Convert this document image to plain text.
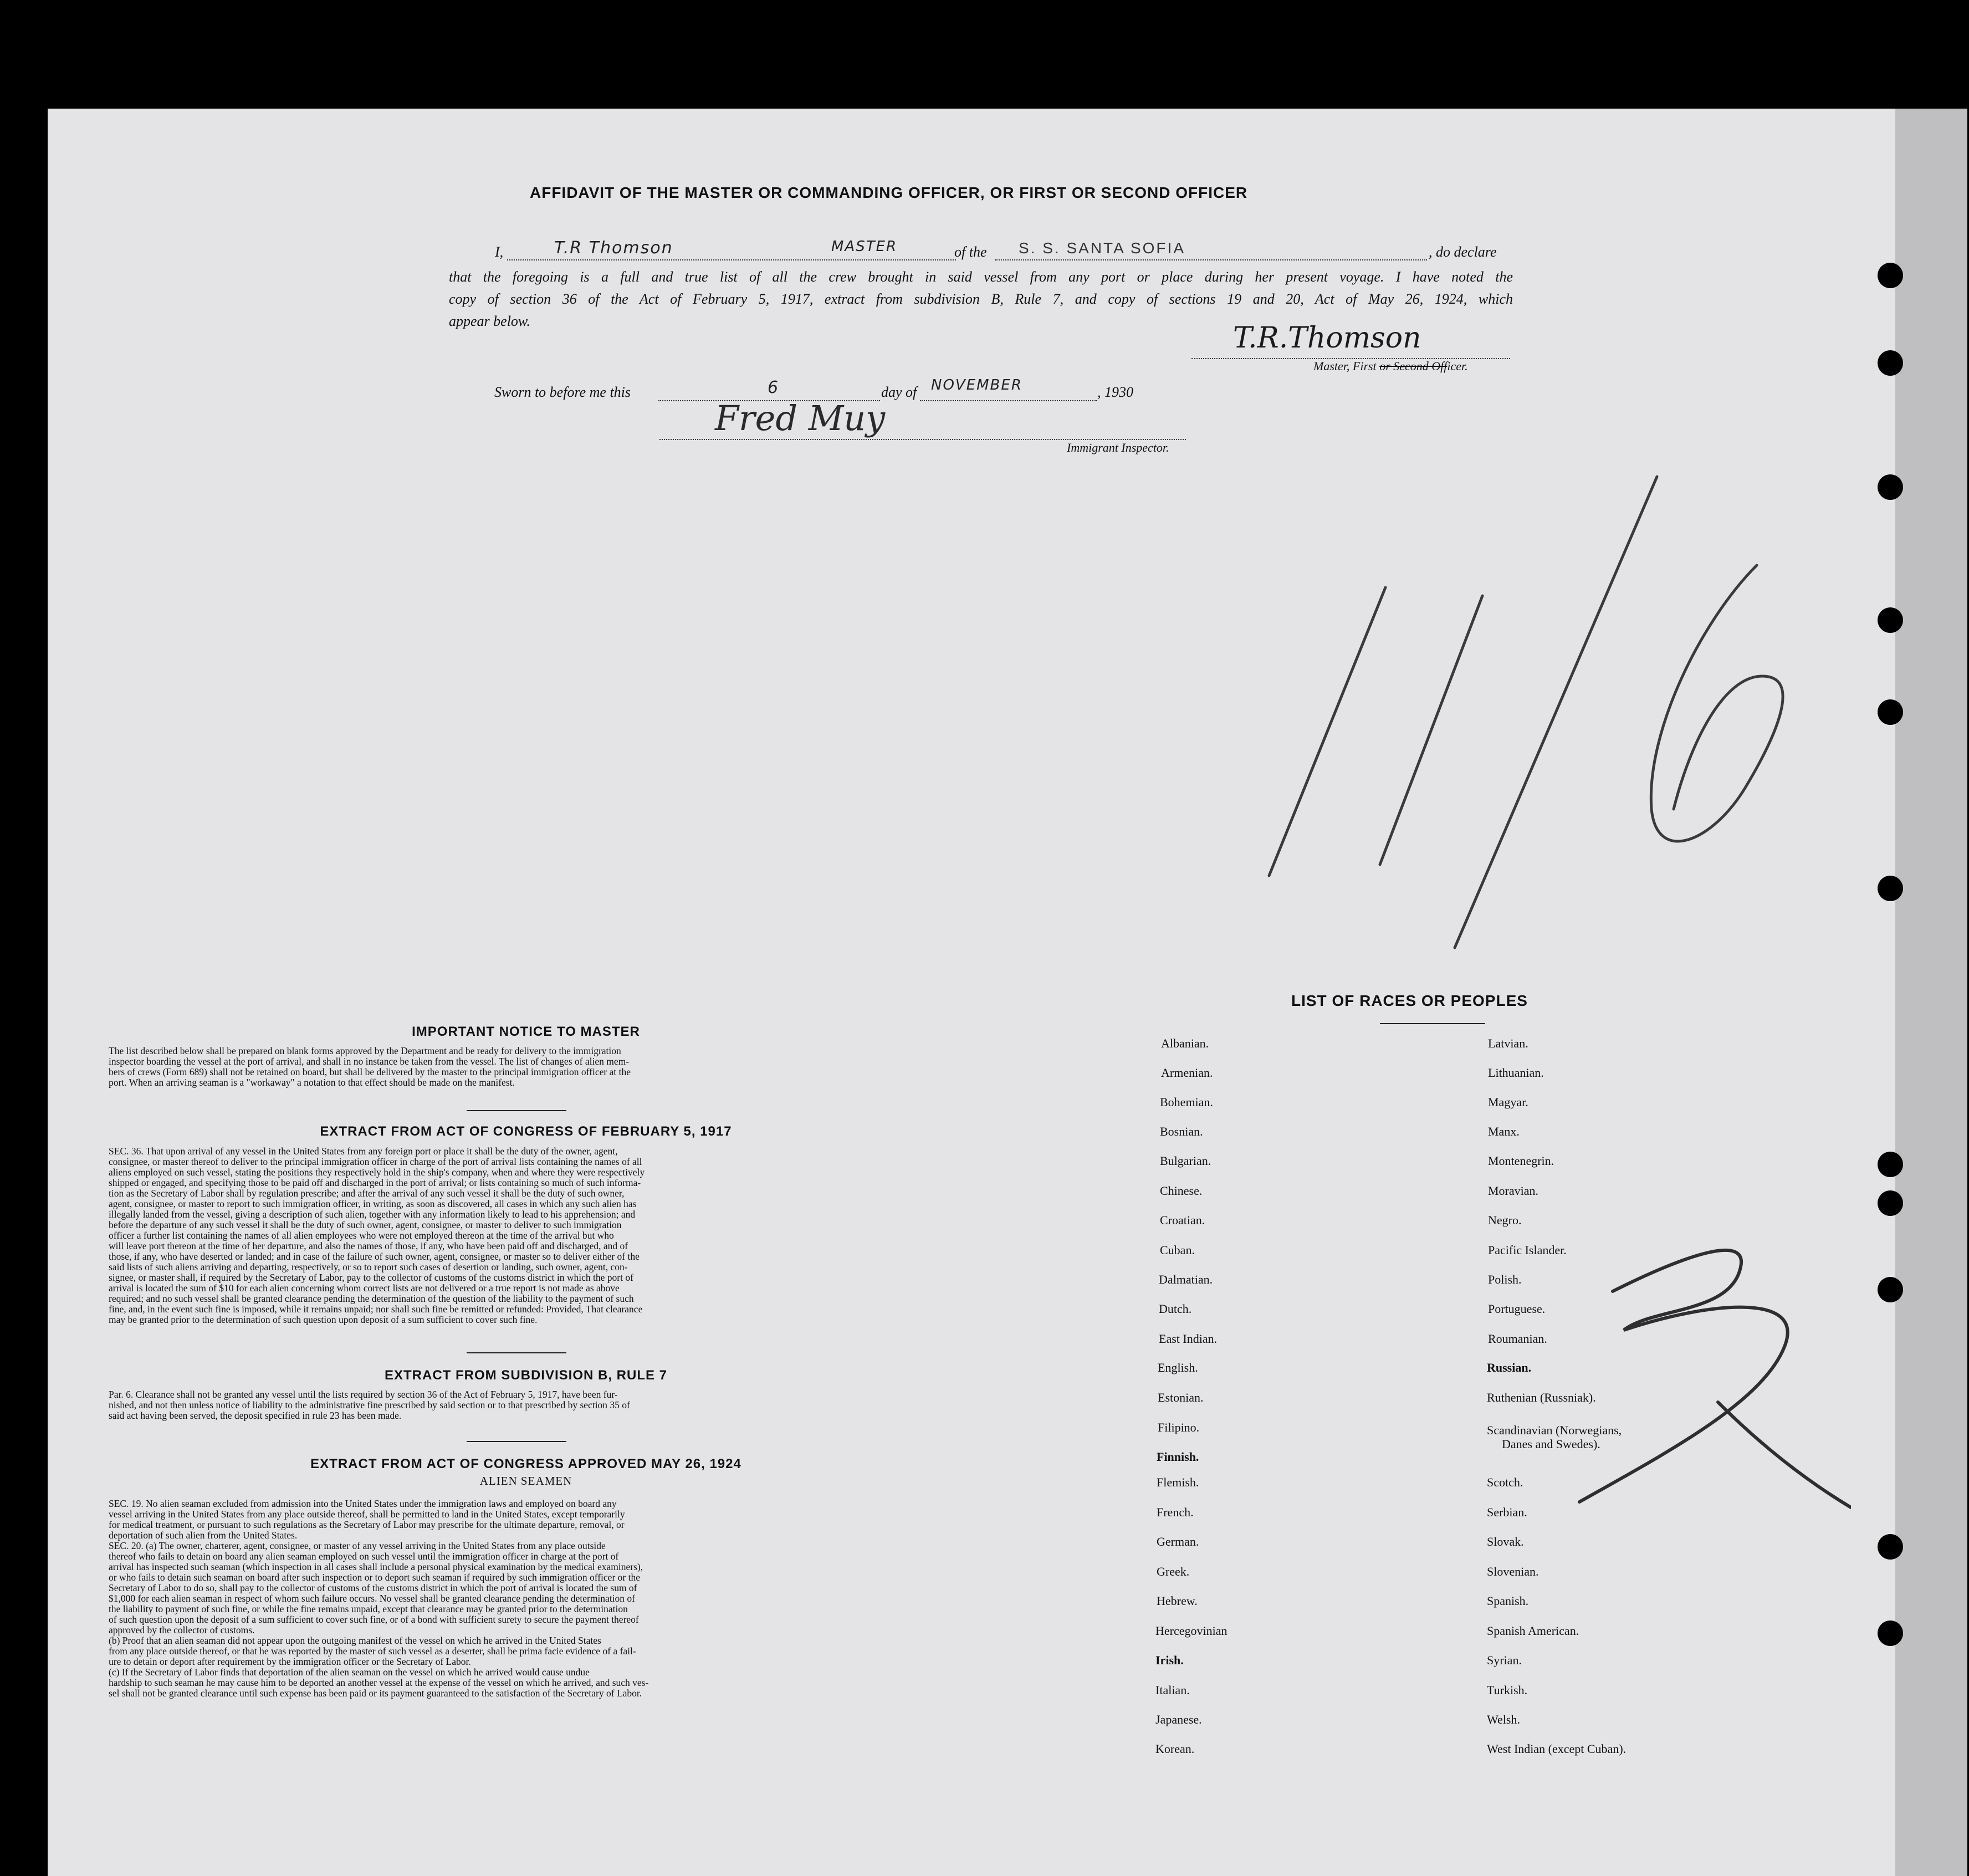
AFFIDAVIT OF THE MASTER OR COMMANDING OFFICER, OR FIRST OR SECOND OFFICER
I,	T.R Thomson	MASTER	of the S. S. SANTA SOFIA	, do declare
that the foregoing is a full and true list of all the crew brought in said vessel from any port or place during her present voyage. I have noted the
copy of section 36 of the Act of February 5, 1917, extract from subdivision B, Rule 7, and copy of sections 19 and 20, Act of May 26, 1924, which
appear below.
T.R.Thomson
Master, First or Second Officer.
Sworn to before me this	6	day of NOVEMBER	, 1930
Fred Muy
Immigrant Inspector.
IMPORTANT NOTICE TO MASTER
The list described below shall be prepared on blank forms approved by the Department and be ready for delivery to the immigration
inspector boarding the vessel at the port of arrival, and shall in no instance be taken from the vessel. The list of changes of alien mem-
bers of crews (Form 689) shall not be retained on board, but shall be delivered by the master to the principal immigration officer at the
port. When an arriving seaman is a "workaway" a notation to that effect should be made on the manifest.
EXTRACT FROM ACT OF CONGRESS OF FEBRUARY 5, 1917
SEC. 36. That upon arrival of any vessel in the United States from any foreign port or place it shall be the duty of the owner, agent,
consignee, or master thereof to deliver to the principal immigration officer in charge of the port of arrival lists containing the names of all
aliens employed on such vessel, stating the positions they respectively hold in the ship's company, when and where they were respectively
shipped or engaged, and specifying those to be paid off and discharged in the port of arrival; or lists containing so much of such informa-
tion as the Secretary of Labor shall by regulation prescribe; and after the arrival of any such vessel it shall be the duty of such owner,
agent, consignee, or master to report to such immigration officer, in writing, as soon as discovered, all cases in which any such alien has
illegally landed from the vessel, giving a description of such alien, together with any information likely to lead to his apprehension; and
before the departure of any such vessel it shall be the duty of such owner, agent, consignee, or master to deliver to such immigration
officer a further list containing the names of all alien employees who were not employed thereon at the time of the arrival but who
will leave port thereon at the time of her departure, and also the names of those, if any, who have been paid off and discharged, and of
those, if any, who have deserted or landed; and in case of the failure of such owner, agent, consignee, or master so to deliver either of the
said lists of such aliens arriving and departing, respectively, or so to report such cases of desertion or landing, such owner, agent, con-
signee, or master shall, if required by the Secretary of Labor, pay to the collector of customs of the customs district in which the port of
arrival is located the sum of $10 for each alien concerning whom correct lists are not delivered or a true report is not made as above
required; and no such vessel shall be granted clearance pending the determination of the question of the liability to the payment of such
fine, and, in the event such fine is imposed, while it remains unpaid; nor shall such fine be remitted or refunded: Provided, That clearance
may be granted prior to the determination of such question upon deposit of a sum sufficient to cover such fine.
EXTRACT FROM SUBDIVISION B, RULE 7
Par. 6. Clearance shall not be granted any vessel until the lists required by section 36 of the Act of February 5, 1917, have been fur-
nished, and not then unless notice of liability to the administrative fine prescribed by said section or to that prescribed by section 35 of
said act having been served, the deposit specified in rule 23 has been made.
EXTRACT FROM ACT OF CONGRESS APPROVED MAY 26, 1924
ALIEN SEAMEN
SEC. 19. No alien seaman excluded from admission into the United States under the immigration laws and employed on board any
vessel arriving in the United States from any place outside thereof, shall be permitted to land in the United States, except temporarily
for medical treatment, or pursuant to such regulations as the Secretary of Labor may prescribe for the ultimate departure, removal, or
deportation of such alien from the United States.
SEC. 20. (a) The owner, charterer, agent, consignee, or master of any vessel arriving in the United States from any place outside
thereof who fails to detain on board any alien seaman employed on such vessel until the immigration officer in charge at the port of
arrival has inspected such seaman (which inspection in all cases shall include a personal physical examination by the medical examiners),
or who fails to detain such seaman on board after such inspection or to deport such seaman if required by such immigration officer or the
Secretary of Labor to do so, shall pay to the collector of customs of the customs district in which the port of arrival is located the sum of
$1,000 for each alien seaman in respect of whom such failure occurs. No vessel shall be granted clearance pending the determination of
the liability to payment of such fine, or while the fine remains unpaid, except that clearance may be granted prior to the determination
of such question upon the deposit of a sum sufficient to cover such fine, or of a bond with sufficient surety to secure the payment thereof
approved by the collector of customs.
(b) Proof that an alien seaman did not appear upon the outgoing manifest of the vessel on which he arrived in the United States
from any place outside thereof, or that he was reported by the master of such vessel as a deserter, shall be prima facie evidence of a fail-
ure to detain or deport after requirement by the immigration officer or the Secretary of Labor.
(c) If the Secretary of Labor finds that deportation of the alien seaman on the vessel on which he arrived would cause undue
hardship to such seaman he may cause him to be deported an another vessel at the expense of the vessel on which he arrived, and such ves-
sel shall not be granted clearance until such expense has been paid or its payment guaranteed to the satisfaction of the Secretary of Labor.
LIST OF RACES OR PEOPLES
Albanian.
Armenian.
Bohemian.
Bosnian.
Bulgarian.
Chinese.
Croatian.
Cuban.
Dalmatian.
Dutch.
East Indian.
English.
Estonian.
Filipino.
Finnish.
Flemish.
French.
German.
Greek.
Hebrew.
Hercegovinian
Irish.
Italian.
Japanese.
Korean.
Latvian.
Lithuanian.
Magyar.
Manx.
Montenegrin.
Moravian.
Negro.
Pacific Islander.
Polish.
Portuguese.
Roumanian.
Russian.
Ruthenian (Russniak).
Scandinavian (Norwegians,
Danes and Swedes).
Scotch.
Serbian.
Slovak.
Slovenian.
Spanish.
Spanish American.
Syrian.
Turkish.
Welsh.
West Indian (except Cuban).
